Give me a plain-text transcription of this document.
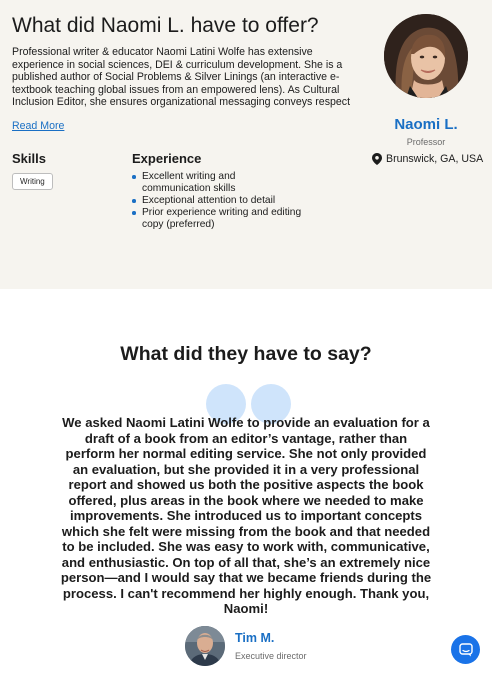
What did Naomi L. have to offer?

Professional writer & educator Naomi Latini Wolfe has extensive experience in social sciences, DEI & curriculum development. She is a published author of Social Problems & Silver Linings (an interactive e-textbook teaching global issues from an empowered lens). As Cultural Inclusion Editor, she ensures organizational messaging conveys respect

Read More	Naomi L.
Professor
Brunswick, GA, USA
Skills
Writing
Experience
Excellent writing and communication skills
Exceptional attention to detail
Prior experience writing and editing copy (preferred)
What did they have to say?

We asked Naomi Latini Wolfe to provide an evaluation for a draft of a book from an editor’s vantage, rather than perform her normal editing service. She not only provided an evaluation, but she provided it in a very professional report and showed us both the positive aspects the book offered, plus areas in the book where we needed to make improvements. She introduced us to important concepts which she felt were missing from the book and that needed to be included. She was easy to work with, communicative, and enthusiastic. On top of all that, she’s an extremely nice person—and I would say that we became friends during the process. I can't recommend her highly enough. Thank you, Naomi!

Tim M.
Executive director
